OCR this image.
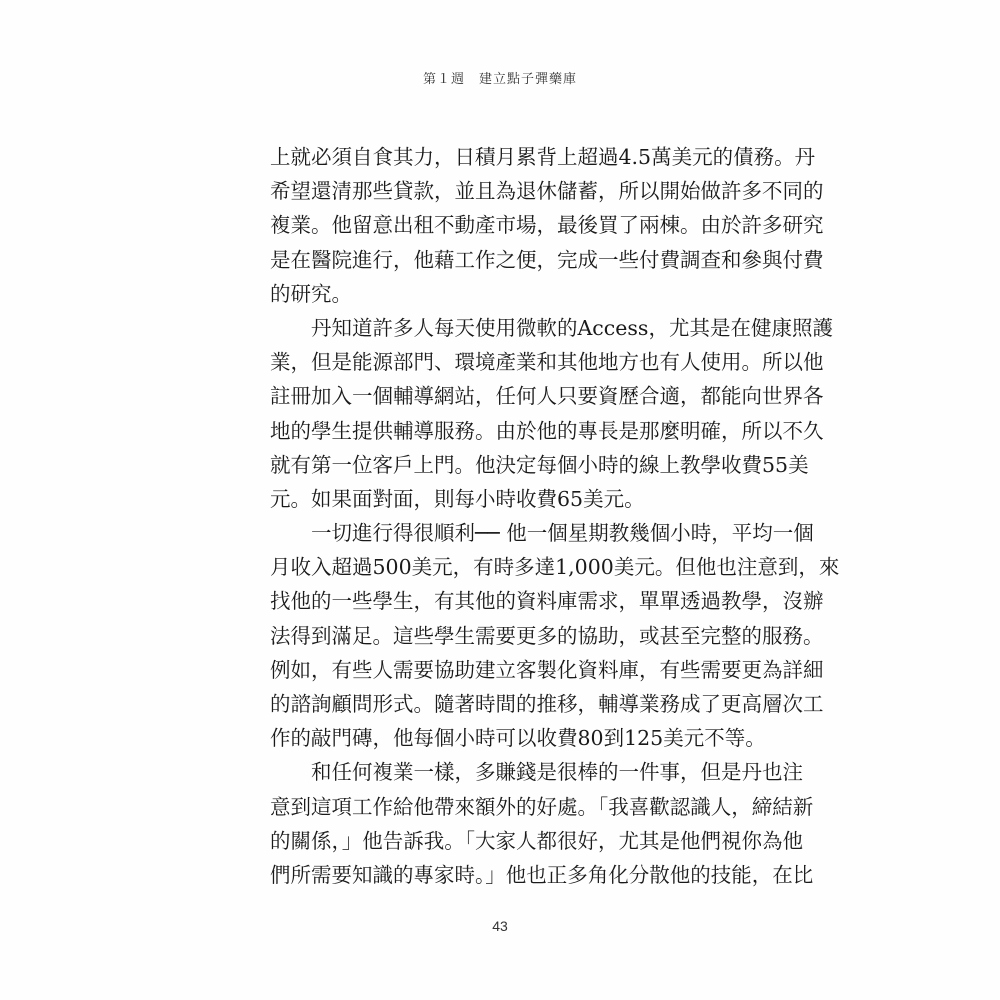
第１週　建立點子彈藥庫
上就必須自食其力，日積月累背上超過4.5萬美元的債務。丹
希望還清那些貸款，並且為退休儲蓄，所以開始做許多不同的
複業。他留意出租不動產市場，最後買了兩棟。由於許多研究
是在醫院進行，他藉工作之便，完成一些付費調查和參與付費
的研究。
丹知道許多人每天使用微軟的Access，尤其是在健康照護
業，但是能源部門、環境產業和其他地方也有人使用。所以他
註冊加入一個輔導網站，任何人只要資歷合適，都能向世界各
地的學生提供輔導服務。由於他的專長是那麼明確，所以不久
就有第一位客戶上門。他決定每個小時的線上教學收費55美
元。如果面對面，則每小時收費65美元。
一切進行得很順利── 他一個星期教幾個小時，平均一個
月收入超過500美元，有時多達1,000美元。但他也注意到，來
找他的一些學生，有其他的資料庫需求，單單透過教學，沒辦
法得到滿足。這些學生需要更多的協助，或甚至完整的服務。
例如，有些人需要協助建立客製化資料庫，有些需要更為詳細
的諮詢顧問形式。隨著時間的推移，輔導業務成了更高層次工
作的敲門磚，他每個小時可以收費80到125美元不等。
和任何複業一樣，多賺錢是很棒的一件事，但是丹也注
意到這項工作給他帶來額外的好處。「我喜歡認識人，締結新
的關係，」他告訴我。「大家人都很好，尤其是他們視你為他
們所需要知識的專家時。」他也正多角化分散他的技能，在比
43
